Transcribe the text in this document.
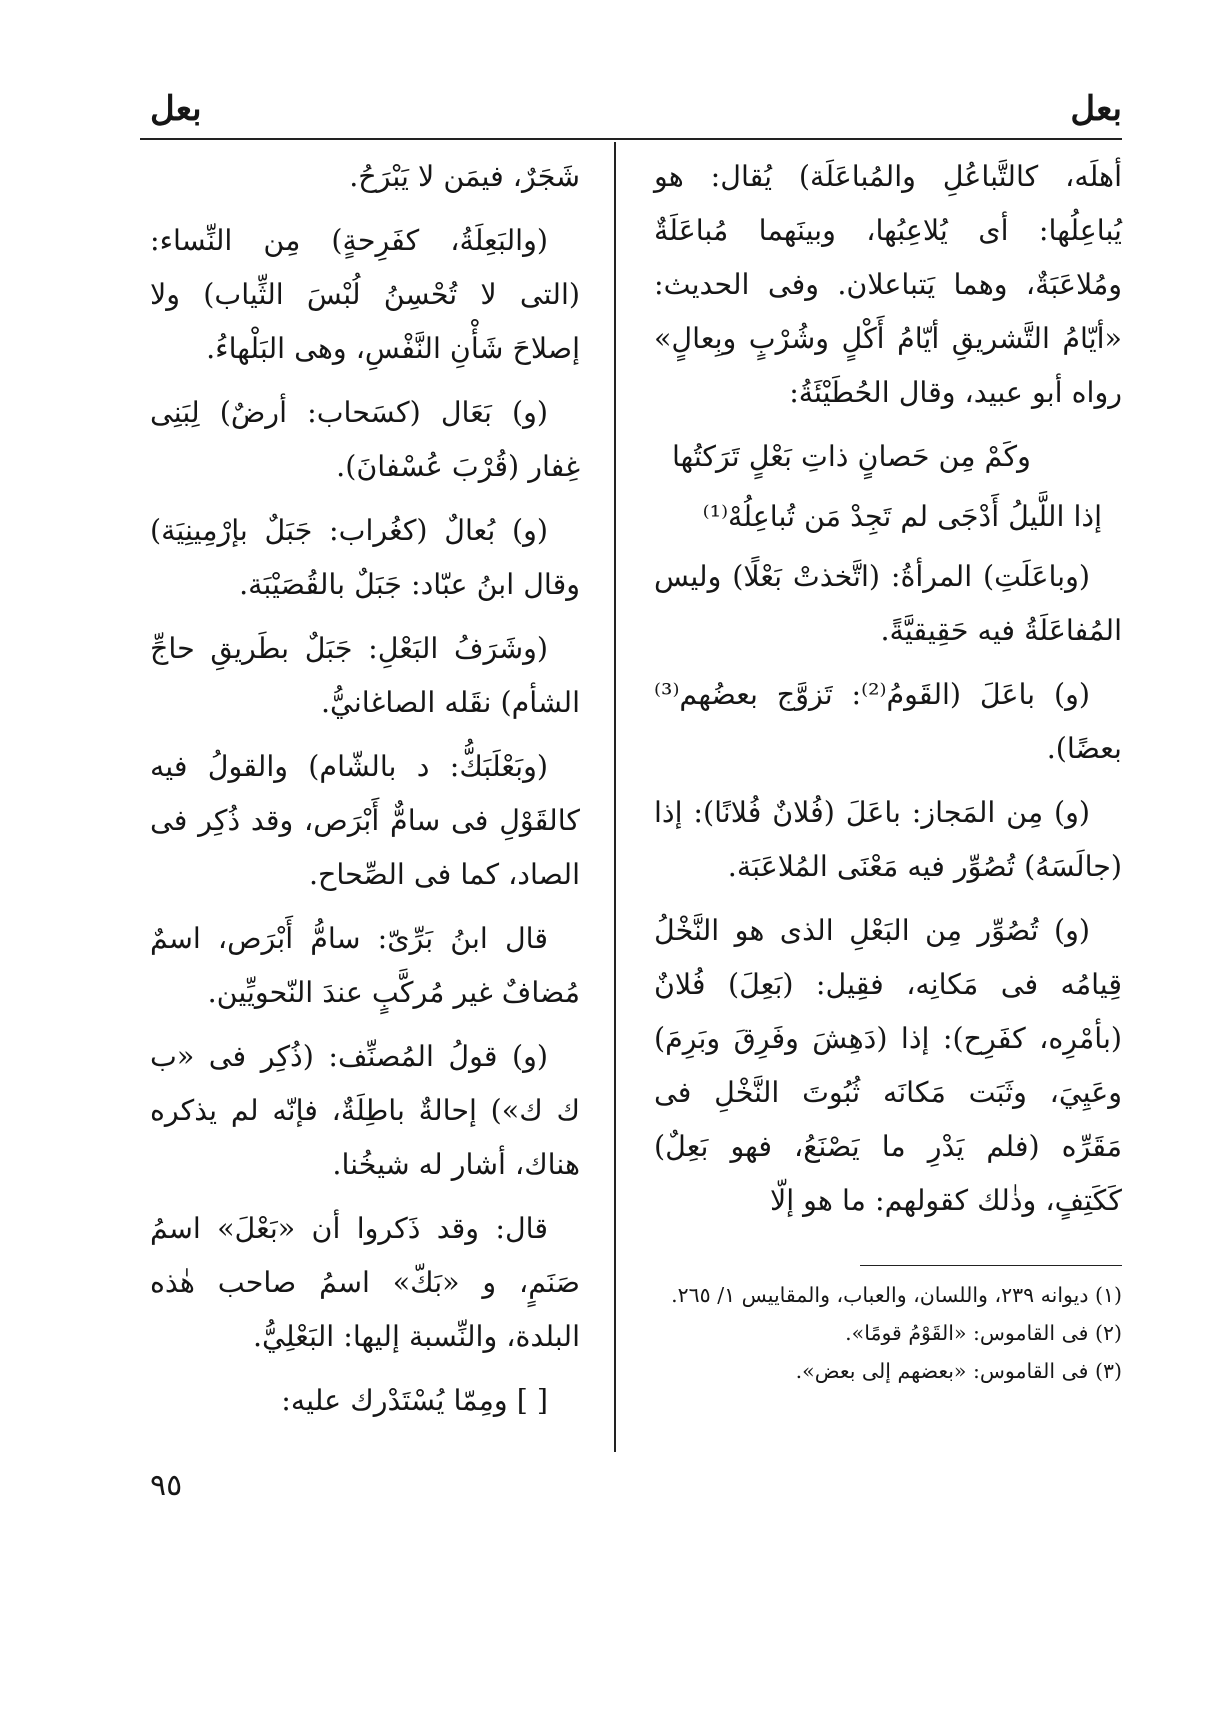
بعل
بعل

أهلَه، كالتَّباعُلِ والمُباعَلَة) يُقال: هو يُباعِلُها: أى يُلاعِبُها، وبينَهما مُباعَلَةٌ ومُلاعَبَةٌ، وهما يَتباعلان. وفى الحديث: «أيّامُ التَّشريقِ أيّامُ أَكْلٍ وشُرْبٍ وبِعالٍ» رواه أبو عبيد، وقال الحُطَيْئَةُ:

وكَمْ مِن حَصانٍ ذاتِ بَعْلٍ تَرَكتُها

إذا اللَّيلُ أَدْجَى لم تَجِدْ مَن تُباعِلُهْ⁽¹⁾

(وباعَلَتِ) المرأةُ: (اتَّخذتْ بَعْلًا) وليس المُفاعَلَةُ فيه حَقِيقيَّةً.

(و) باعَلَ (القَومُ⁽²⁾: تَزوَّج بعضُهم⁽³⁾ بعضًا).

(و) مِن المَجاز: باعَلَ (فُلانٌ فُلانًا): إذا (جالَسَهُ) تُصُوِّر فيه مَعْنَى المُلاعَبَة.

(و) تُصُوِّر مِن البَعْلِ الذى هو النَّخْلُ قِيامُه فى مَكانِه، فقِيل: (بَعِلَ) فُلانٌ (بأمْرِه، كفَرِح): إذا (دَهِشَ وفَرِقَ وبَرِمَ) وعَيِيَ، وثَبَت مَكانَه ثُبُوتَ النَّخْلِ فى مَقَرِّه (فلم يَدْرِ ما يَصْنَعُ، فهو بَعِلٌ) كَكَتِفٍ، وذٰلك كقولهم: ما هو إلّا

(١) ديوانه ٢٣٩، واللسان، والعباب، والمقاييس ١/ ٢٦٥.

(٢) فى القاموس: «القَوْمُ قومًا».

(٣) فى القاموس: «بعضهم إلى بعض».

شَجَرٌ، فيمَن لا يَبْرَحُ.

(والبَعِلَةُ، كفَرِحةٍ) مِن النِّساء: (التى لا تُحْسِنُ لُبْسَ الثِّياب) ولا إصلاحَ شَأْنِ النَّفْسِ، وهى البَلْهاءُ.

(و) بَعَال (كسَحاب: أرضٌ) لِبَنِى غِفار (قُرْبَ عُسْفانَ).

(و) بُعالٌ (كغُراب: جَبَلٌ بإرْمِينِيَة) وقال ابنُ عبّاد: جَبَلٌ بالقُصَيْبَة.

(وشَرَفُ البَعْلِ: جَبَلٌ بطَريقِ حاجِّ الشأم) نقَله الصاغانيُّ.

(وبَعْلَبَكُّ: د بالشّام) والقولُ فيه كالقَوْلِ فى سامٌّ أَبْرَص، وقد ذُكِر فى الصاد، كما فى الصِّحاح.

قال ابنُ بَرِّىّ: سامُّ أَبْرَص، اسمٌ مُضافٌ غير مُركَّبٍ عندَ النّحويِّين.

(و) قولُ المُصنِّف: (ذُكِر فى «ب ك ك») إحالةٌ باطِلَةٌ، فإنّه لم يذكره هناك، أشار له شيخُنا.

قال: وقد ذَكروا أن «بَعْلَ» اسمُ صَنَمٍ، و «بَكّ» اسمُ صاحب هٰذه البلدة، والنِّسبة إليها: البَعْلِيُّ.

[ ] ومِمّا يُسْتَدْرك عليه:

٩٥
